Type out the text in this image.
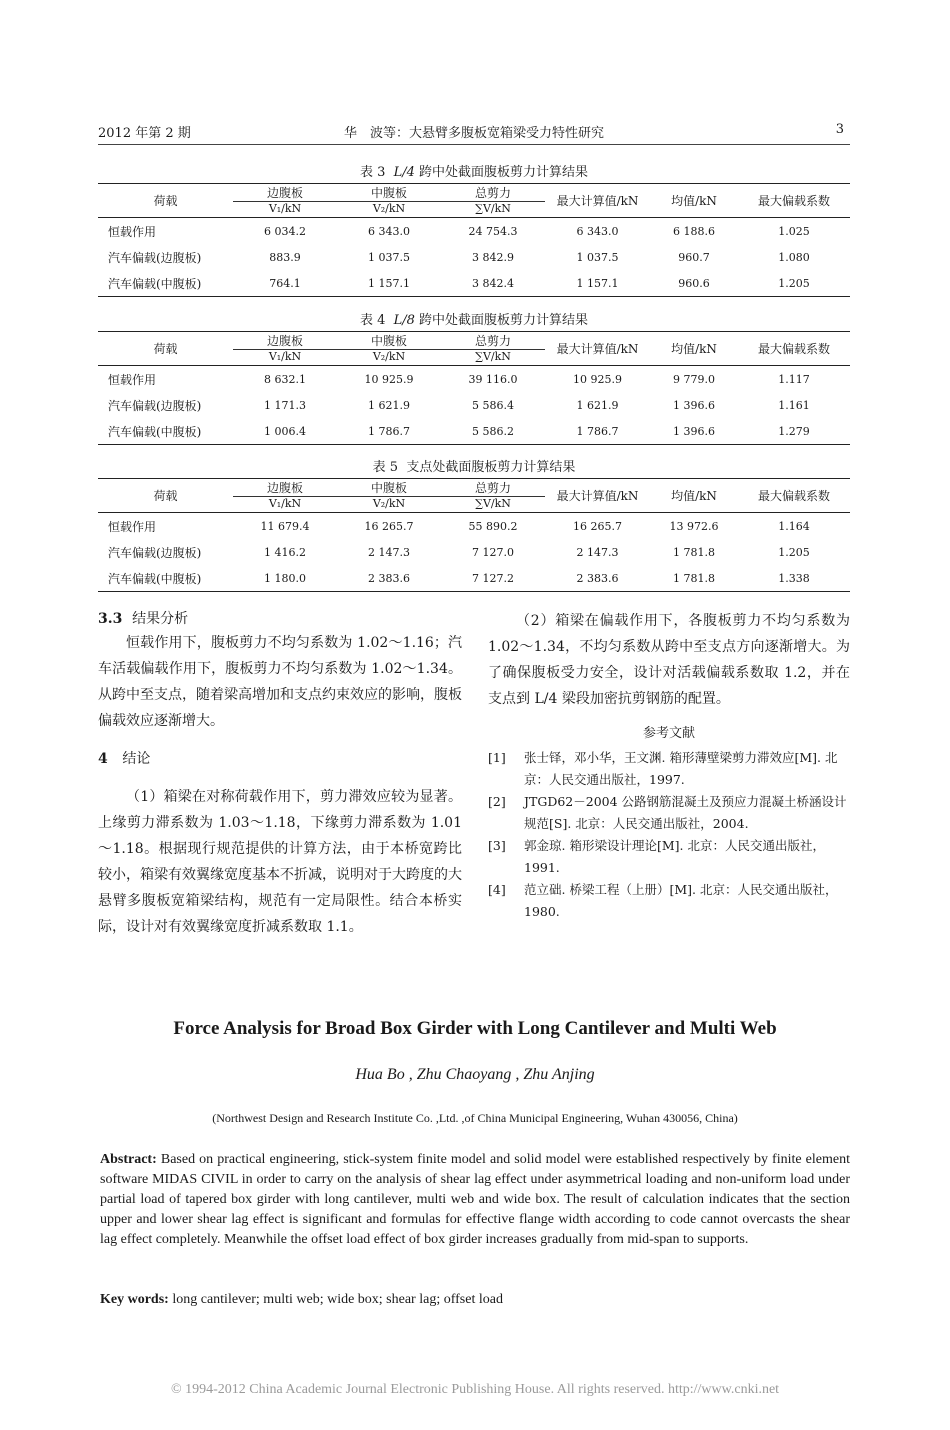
2012 年第 2 期	华　波等：大悬臂多腹板宽箱梁受力特性研究	3
表 3 L/4 跨中处截面腹板剪力计算结果
荷载	边腹板	中腹板	总剪力	最大计算值/kN	均值/kN	最大偏载系数
	V₁/kN	V₂/kN	∑V/kN			
恒载作用	6 034.2	6 343.0	24 754.3	6 343.0	6 188.6	1.025
汽车偏载(边腹板)	883.9	1 037.5	3 842.9	1 037.5	960.7	1.080
汽车偏载(中腹板)	764.1	1 157.1	3 842.4	1 157.1	960.6	1.205
表 4 L/8 跨中处截面腹板剪力计算结果
荷载	边腹板	中腹板	总剪力	最大计算值/kN	均值/kN	最大偏载系数
	V₁/kN	V₂/kN	∑V/kN			
恒载作用	8 632.1	10 925.9	39 116.0	10 925.9	9 779.0	1.117
汽车偏载(边腹板)	1 171.3	1 621.9	5 586.4	1 621.9	1 396.6	1.161
汽车偏载(中腹板)	1 006.4	1 786.7	5 586.2	1 786.7	1 396.6	1.279
表 5 支点处截面腹板剪力计算结果
荷载	边腹板	中腹板	总剪力	最大计算值/kN	均值/kN	最大偏载系数
	V₁/kN	V₂/kN	∑V/kN			
恒载作用	11 679.4	16 265.7	55 890.2	16 265.7	13 972.6	1.164
汽车偏载(边腹板)	1 416.2	2 147.3	7 127.0	2 147.3	1 781.8	1.205
汽车偏载(中腹板)	1 180.0	2 383.6	7 127.2	2 383.6	1 781.8	1.338
3.3 结果分析

恒载作用下，腹板剪力不均匀系数为 1.02～1.16；汽车活载偏载作用下，腹板剪力不均匀系数为 1.02～1.34。从跨中至支点，随着梁高增加和支点约束效应的影响，腹板偏载效应逐渐增大。

4 结论

（1）箱梁在对称荷载作用下，剪力滞效应较为显著。上缘剪力滞系数为 1.03～1.18，下缘剪力滞系数为 1.01～1.18。根据现行规范提供的计算方法，由于本桥宽跨比较小，箱梁有效翼缘宽度基本不折减，说明对于大跨度的大悬臂多腹板宽箱梁结构，规范有一定局限性。结合本桥实际，设计对有效翼缘宽度折减系数取 1.1。

（2）箱梁在偏载作用下，各腹板剪力不均匀系数为 1.02～1.34，不均匀系数从跨中至支点方向逐渐增大。为了确保腹板受力安全，设计对活载偏载系数取 1.2，并在支点到 L/4 梁段加密抗剪钢筋的配置。

参考文献
[1]	张士铎，邓小华，王文渊. 箱形薄壁梁剪力滞效应[M]. 北京：人民交通出版社，1997.
[2]	JTGD62－2004 公路钢筋混凝土及预应力混凝土桥涵设计规范[S]. 北京：人民交通出版社，2004.
[3]	郭金琼. 箱形梁设计理论[M]. 北京：人民交通出版社，1991.
[4]	范立础. 桥梁工程（上册）[M]. 北京：人民交通出版社，1980.
Force Analysis for Broad Box Girder with Long Cantilever and Multi Web
Hua Bo , Zhu Chaoyang , Zhu Anjing
(Northwest Design and Research Institute Co. ,Ltd. ,of China Municipal Engineering, Wuhan 430056, China)
Abstract: Based on practical engineering, stick-system finite model and solid model were established respectively by finite element software MIDAS CIVIL in order to carry on the analysis of shear lag effect under asymmetrical loading and non-uniform load under partial load of tapered box girder with long cantilever, multi web and wide box. The result of calculation indicates that the section upper and lower shear lag effect is significant and formulas for effective flange width according to code cannot overcasts the shear lag effect completely. Meanwhile the offset load effect of box girder increases gradually from mid-span to supports.
Key words: long cantilever; multi web; wide box; shear lag; offset load
© 1994-2012 China Academic Journal Electronic Publishing House. All rights reserved. http://www.cnki.net
